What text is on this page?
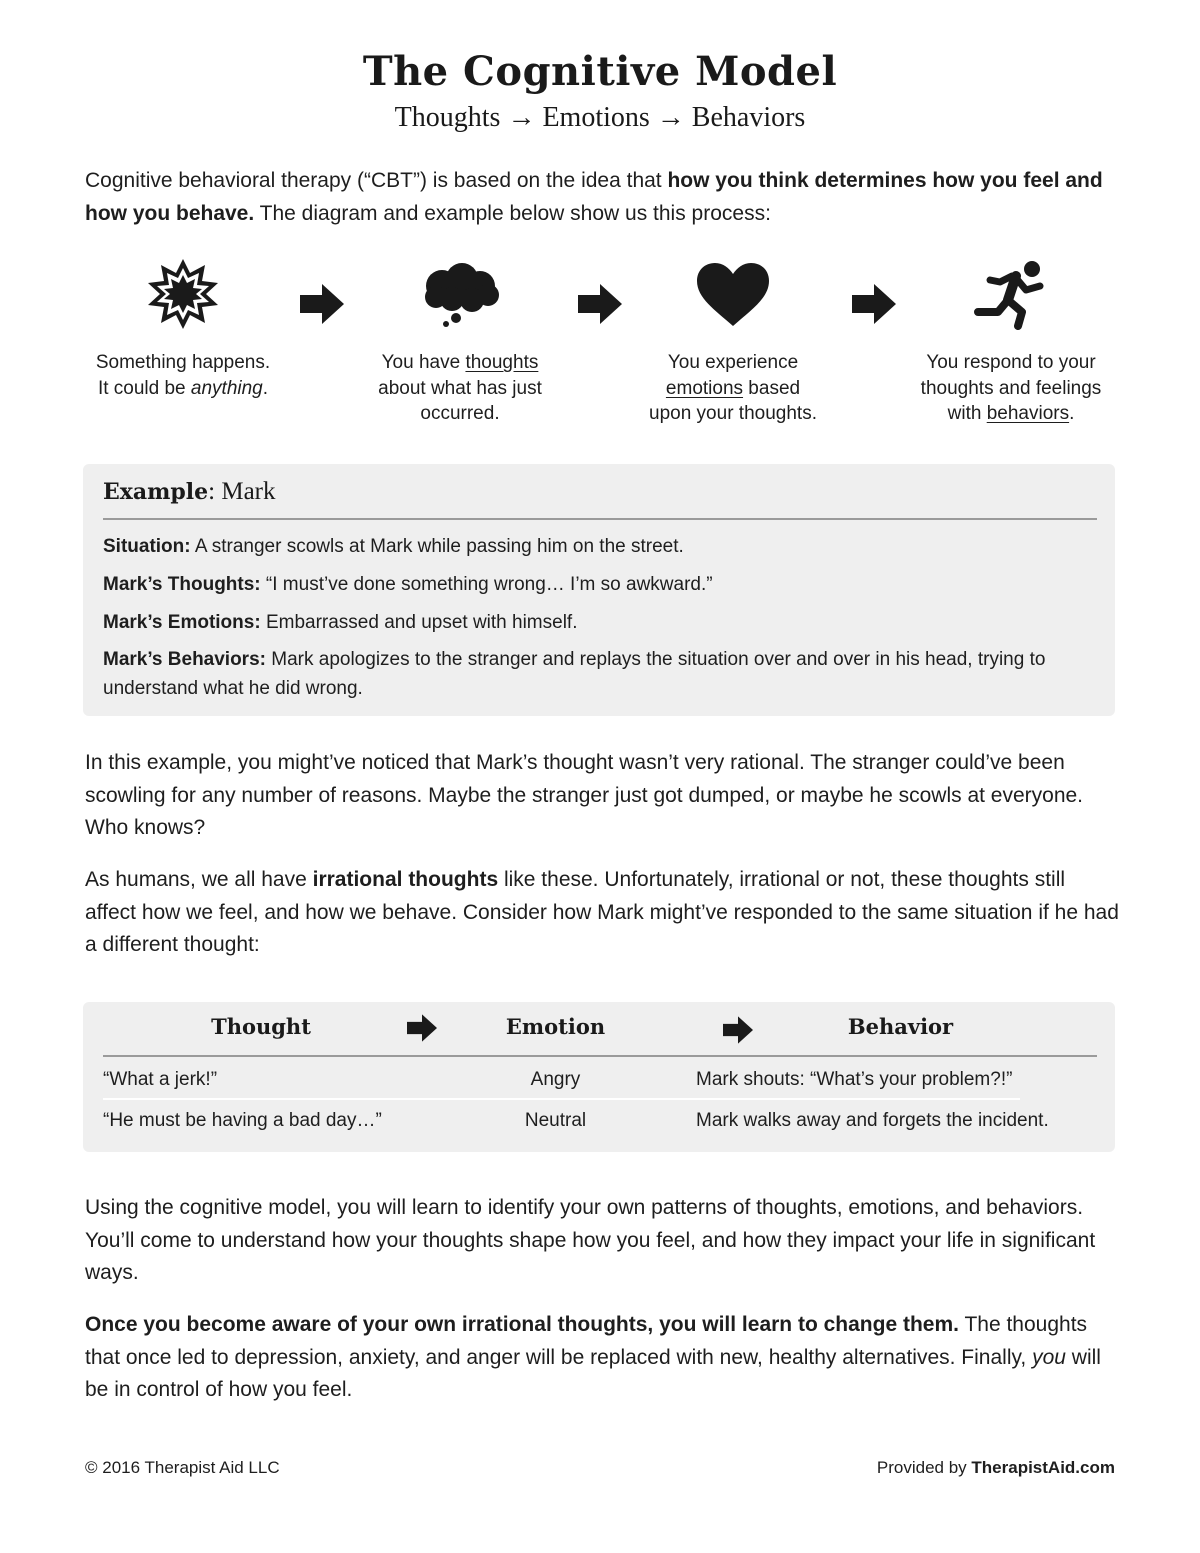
The Cognitive Model
Thoughts → Emotions → Behaviors
Cognitive behavioral therapy (“CBT”) is based on the idea that how you think determines how you feel and how you behave. The diagram and example below show us this process:
Something happens.
It could be anything.
You have thoughts
about what has just
occurred.
You experience
emotions based
upon your thoughts.
You respond to your
thoughts and feelings
with behaviors.
Example: Mark
Situation: A stranger scowls at Mark while passing him on the street.
Mark’s Thoughts: “I must’ve done something wrong… I’m so awkward.”
Mark’s Emotions: Embarrassed and upset with himself.
Mark’s Behaviors: Mark apologizes to the stranger and replays the situation over and over in his head, trying to understand what he did wrong.
In this example, you might’ve noticed that Mark’s thought wasn’t very rational. The stranger could’ve been scowling for any number of reasons. Maybe the stranger just got dumped, or maybe he scowls at everyone. Who knows?
As humans, we all have irrational thoughts like these. Unfortunately, irrational or not, these thoughts still affect how we feel, and how we behave. Consider how Mark might’ve responded to the same situation if he had a different thought:
Thought	Emotion	Behavior
“What a jerk!”	Angry	Mark shouts: “What’s your problem?!”
“He must be having a bad day…”	Neutral	Mark walks away and forgets the incident.
Using the cognitive model, you will learn to identify your own patterns of thoughts, emotions, and behaviors. You’ll come to understand how your thoughts shape how you feel, and how they impact your life in significant ways.
Once you become aware of your own irrational thoughts, you will learn to change them. The thoughts that once led to depression, anxiety, and anger will be replaced with new, healthy alternatives. Finally, you will be in control of how you feel.
© 2016 Therapist Aid LLC	Provided by TherapistAid.com
